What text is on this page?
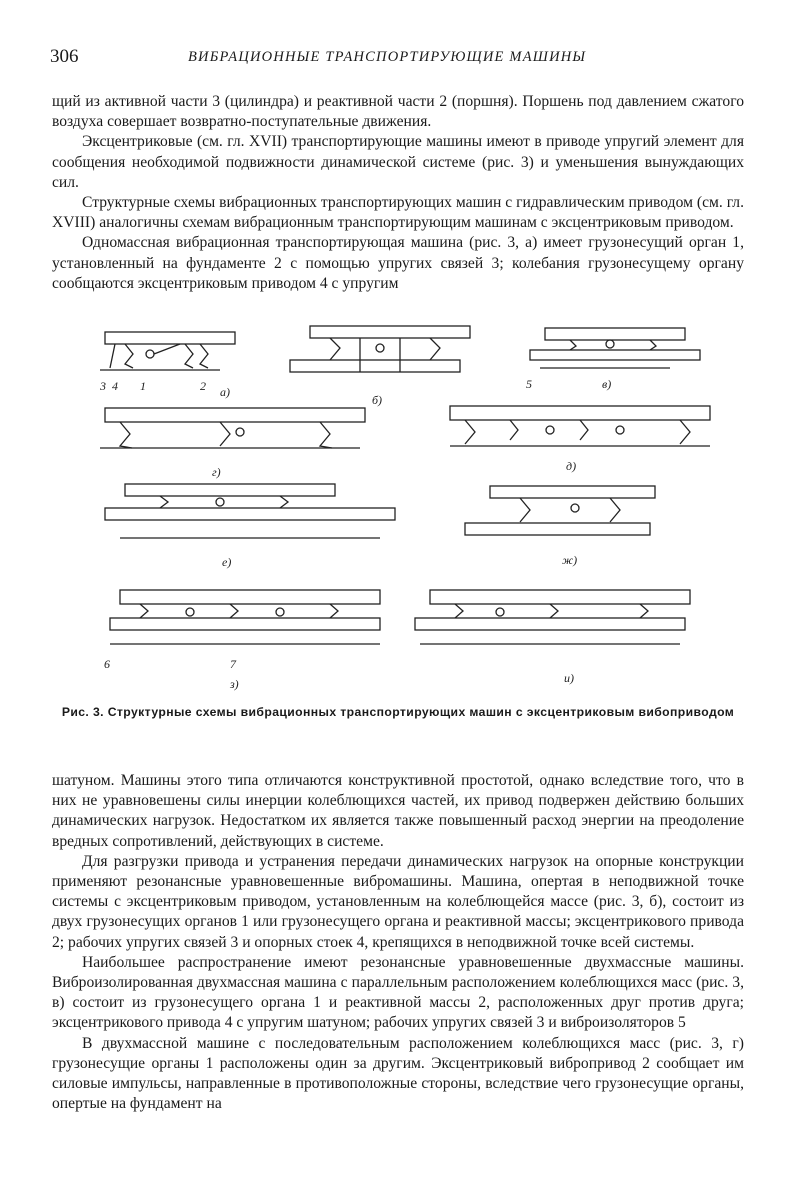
306	ВИБРАЦИОННЫЕ ТРАНСПОРТИРУЮЩИЕ МАШИНЫ

щий из активной части 3 (цилиндра) и реактивной части 2 (поршня). Поршень под давлением сжатого воздуха совершает возвратно-поступательные движения.

Эксцентриковые (см. гл. XVII) транспортирующие машины имеют в приводе упругий элемент для сообщения необходимой подвижности динамической системе (рис. 3) и уменьшения вынуждающих сил.

Структурные схемы вибрационных транспортирующих машин с гидравлическим приводом (см. гл. XVIII) аналогичны схемам вибрационным транспортирующим машинам с эксцентриковым приводом.

Одномассная вибрационная транспортирующая машина (рис. 3, а) имеет грузонесущий орган 1, установленный на фундаменте 2 с помощью упругих связей 3; колебания грузонесущему органу сообщаются эксцентриковым приводом 4 с упругим

а)
б)
в)
г)	д)
е)	ж)
з)	и)
1	2
3 4	5
6	7
Рис. 3. Структурные схемы вибрационных транспортирующих машин с эксцентриковым вибоприводом

шатуном. Машины этого типа отличаются конструктивной простотой, однако вследствие того, что в них не уравновешены силы инерции колеблющихся частей, их привод подвержен действию больших динамических нагрузок. Недостатком их является также повышенный расход энергии на преодоление вредных сопротивлений, действующих в системе.

Для разгрузки привода и устранения передачи динамических нагрузок на опорные конструкции применяют резонансные уравновешенные вибромашины. Машина, опертая в неподвижной точке системы с эксцентриковым приводом, установленным на колеблющейся массе (рис. 3, б), состоит из двух грузонесущих органов 1 или грузонесущего органа и реактивной массы; эксцентрикового привода 2; рабочих упругих связей 3 и опорных стоек 4, крепящихся в неподвижной точке всей системы.

Наибольшее распространение имеют резонансные уравновешенные двухмассные машины. Виброизолированная двухмассная машина с параллельным расположением колеблющихся масс (рис. 3, в) состоит из грузонесущего органа 1 и реактивной массы 2, расположенных друг против друга; эксцентрикового привода 4 с упругим шатуном; рабочих упругих связей 3 и виброизоляторов 5

В двухмассной машине с последовательным расположением колеблющихся масс (рис. 3, г) грузонесущие органы 1 расположены один за другим. Эксцентриковый вибропривод 2 сообщает им силовые импульсы, направленные в противоположные стороны, вследствие чего грузонесущие органы, опертые на фундамент на
